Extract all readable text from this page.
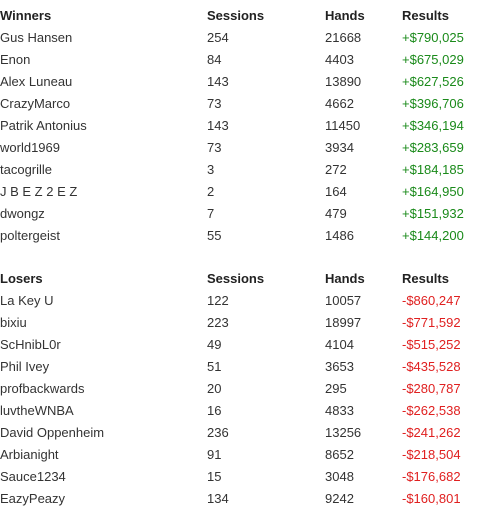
Winners	Sessions	Hands	Results
Gus Hansen	254	21668	+$790,025
Enon	84	4403	+$675,029
Alex Luneau	143	13890	+$627,526
CrazyMarco	73	4662	+$396,706
Patrik Antonius	143	11450	+$346,194
world1969	73	3934	+$283,659
tacogrille	3	272	+$184,185
J B E Z 2 E Z	2	164	+$164,950
dwongz	7	479	+$151,932
poltergeist	55	1486	+$144,200
Losers	Sessions	Hands	Results
La Key U	122	10057	-$860,247
bixiu	223	18997	-$771,592
ScHnibL0r	49	4104	-$515,252
Phil Ivey	51	3653	-$435,528
profbackwards	20	295	-$280,787
luvtheWNBA	16	4833	-$262,538
David Oppenheim	236	13256	-$241,262
Arbianight	91	8652	-$218,504
Sauce1234	15	3048	-$176,682
EazyPeazy	134	9242	-$160,801
